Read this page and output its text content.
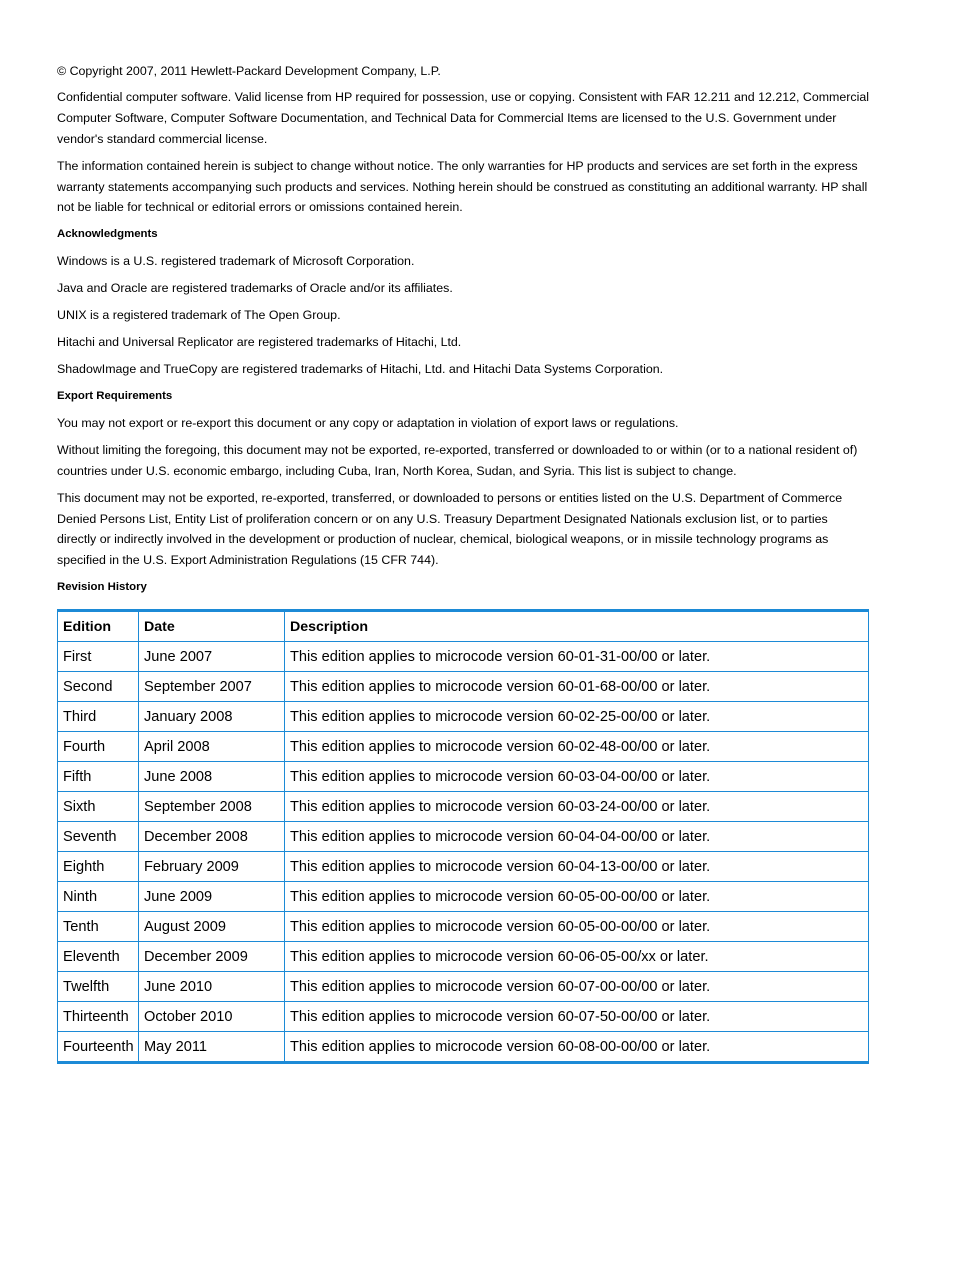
© Copyright 2007, 2011 Hewlett-Packard Development Company, L.P.

Confidential computer software. Valid license from HP required for possession, use or copying. Consistent with FAR 12.211 and 12.212, Commercial Computer Software, Computer Software Documentation, and Technical Data for Commercial Items are licensed to the U.S. Government under vendor's standard commercial license.

The information contained herein is subject to change without notice. The only warranties for HP products and services are set forth in the express warranty statements accompanying such products and services. Nothing herein should be construed as constituting an additional warranty. HP shall not be liable for technical or editorial errors or omissions contained herein.

Acknowledgments

Windows is a U.S. registered trademark of Microsoft Corporation.

Java and Oracle are registered trademarks of Oracle and/or its affiliates.

UNIX is a registered trademark of The Open Group.

Hitachi and Universal Replicator are registered trademarks of Hitachi, Ltd.

ShadowImage and TrueCopy are registered trademarks of Hitachi, Ltd. and Hitachi Data Systems Corporation.

Export Requirements

You may not export or re-export this document or any copy or adaptation in violation of export laws or regulations.

Without limiting the foregoing, this document may not be exported, re-exported, transferred or downloaded to or within (or to a national resident of) countries under U.S. economic embargo, including Cuba, Iran, North Korea, Sudan, and Syria. This list is subject to change.

This document may not be exported, re-exported, transferred, or downloaded to persons or entities listed on the U.S. Department of Commerce Denied Persons List, Entity List of proliferation concern or on any U.S. Treasury Department Designated Nationals exclusion list, or to parties directly or indirectly involved in the development or production of nuclear, chemical, biological weapons, or in missile technology programs as specified in the U.S. Export Administration Regulations (15 CFR 744).

Revision History
Edition	Date	Description
First	June 2007	This edition applies to microcode version 60-01-31-00/00 or later.
Second	September 2007	This edition applies to microcode version 60-01-68-00/00 or later.
Third	January 2008	This edition applies to microcode version 60-02-25-00/00 or later.
Fourth	April 2008	This edition applies to microcode version 60-02-48-00/00 or later.
Fifth	June 2008	This edition applies to microcode version 60-03-04-00/00 or later.
Sixth	September 2008	This edition applies to microcode version 60-03-24-00/00 or later.
Seventh	December 2008	This edition applies to microcode version 60-04-04-00/00 or later.
Eighth	February 2009	This edition applies to microcode version 60-04-13-00/00 or later.
Ninth	June 2009	This edition applies to microcode version 60-05-00-00/00 or later.
Tenth	August 2009	This edition applies to microcode version 60-05-00-00/00 or later.
Eleventh	December 2009	This edition applies to microcode version 60-06-05-00/xx or later.
Twelfth	June 2010	This edition applies to microcode version 60-07-00-00/00 or later.
Thirteenth	October 2010	This edition applies to microcode version 60-07-50-00/00 or later.
Fourteenth	May 2011	This edition applies to microcode version 60-08-00-00/00 or later.
